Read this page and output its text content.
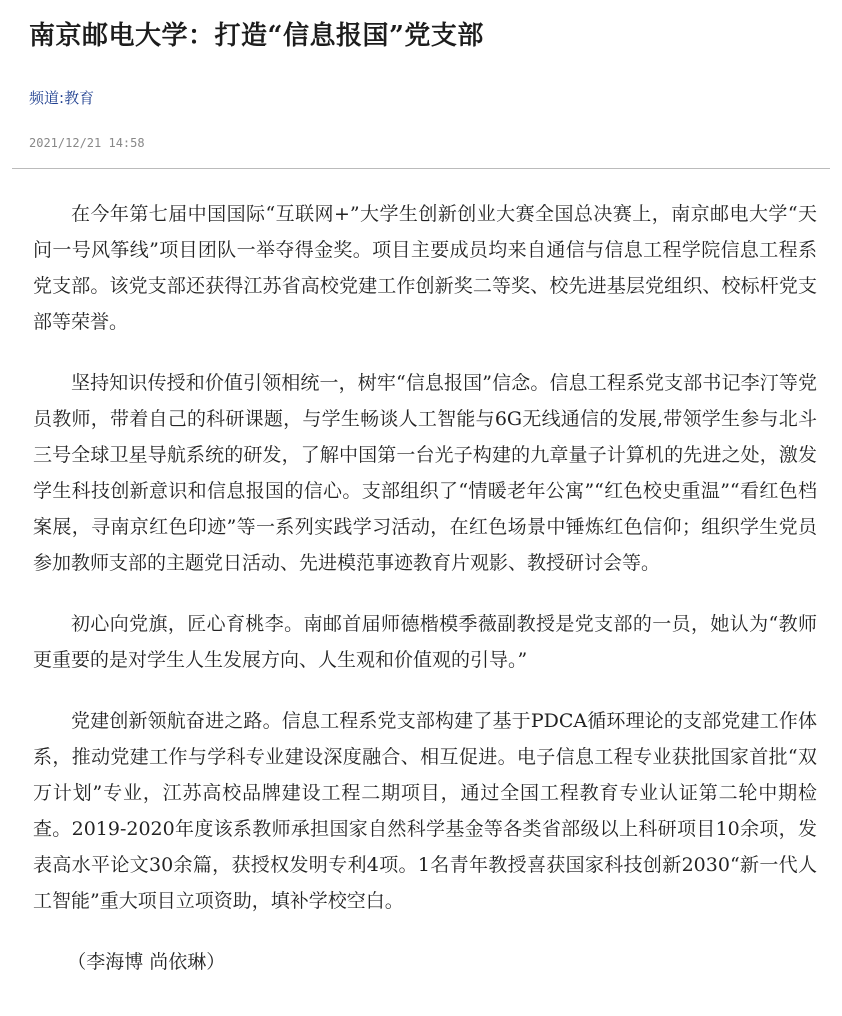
南京邮电大学：打造“信息报国”党支部
频道:教育
2021/12/21 14:58

在今年第七届中国国际“互联网+”大学生创新创业大赛全国总决赛上，南京邮电大学“天问一号风筝线”项目团队一举夺得金奖。项目主要成员均来自通信与信息工程学院信息工程系党支部。该党支部还获得江苏省高校党建工作创新奖二等奖、校先进基层党组织、校标杆党支部等荣誉。

坚持知识传授和价值引领相统一，树牢“信息报国”信念。信息工程系党支部书记李汀等党员教师，带着自己的科研课题，与学生畅谈人工智能与6G无线通信的发展,带领学生参与北斗三号全球卫星导航系统的研发，了解中国第一台光子构建的九章量子计算机的先进之处，激发学生科技创新意识和信息报国的信心。支部组织了“情暖老年公寓”“红色校史重温”“看红色档案展，寻南京红色印迹”等一系列实践学习活动，在红色场景中锤炼红色信仰；组织学生党员参加教师支部的主题党日活动、先进模范事迹教育片观影、教授研讨会等。

初心向党旗，匠心育桃李。南邮首届师德楷模季薇副教授是党支部的一员，她认为“教师更重要的是对学生人生发展方向、人生观和价值观的引导。”

党建创新领航奋进之路。信息工程系党支部构建了基于PDCA循环理论的支部党建工作体系，推动党建工作与学科专业建设深度融合、相互促进。电子信息工程专业获批国家首批“双万计划”专业，江苏高校品牌建设工程二期项目，通过全国工程教育专业认证第二轮中期检查。2019-2020年度该系教师承担国家自然科学基金等各类省部级以上科研项目10余项，发表高水平论文30余篇，获授权发明专利4项。1名青年教授喜获国家科技创新2030“新一代人工智能”重大项目立项资助，填补学校空白。

（李海博 尚依琳）
